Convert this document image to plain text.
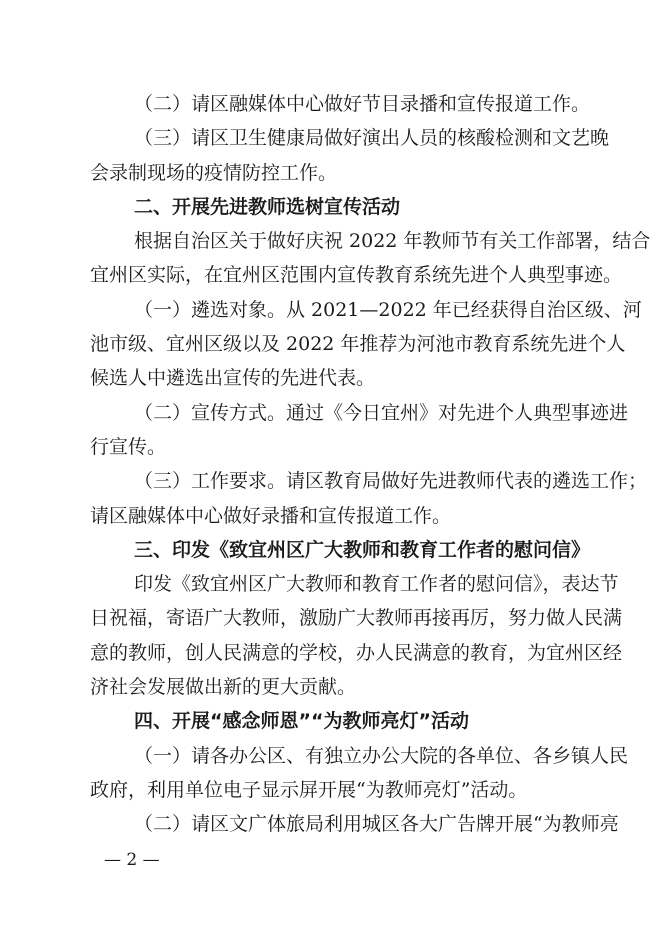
（二）请区融媒体中心做好节目录播和宣传报道工作。
（三）请区卫生健康局做好演出人员的核酸检测和文艺晚
会录制现场的疫情防控工作。
二、开展先进教师选树宣传活动
根据自治区关于做好庆祝 2022 年教师节有关工作部署，结合
宜州区实际，在宜州区范围内宣传教育系统先进个人典型事迹。
（一）遴选对象。从 2021—2022 年已经获得自治区级、河
池市级、宜州区级以及 2022 年推荐为河池市教育系统先进个人
候选人中遴选出宣传的先进代表。
（二）宣传方式。通过《今日宜州》对先进个人典型事迹进
行宣传。
（三）工作要求。请区教育局做好先进教师代表的遴选工作；
请区融媒体中心做好录播和宣传报道工作。
三、印发《致宜州区广大教师和教育工作者的慰问信》
印发《致宜州区广大教师和教育工作者的慰问信》，表达节
日祝福，寄语广大教师，激励广大教师再接再厉，努力做人民满
意的教师，创人民满意的学校，办人民满意的教育，为宜州区经
济社会发展做出新的更大贡献。
四、开展“感念师恩”“为教师亮灯”活动
（一）请各办公区、有独立办公大院的各单位、各乡镇人民
政府，利用单位电子显示屏开展“为教师亮灯”活动。
（二）请区文广体旅局利用城区各大广告牌开展“为教师亮
— 2 —
